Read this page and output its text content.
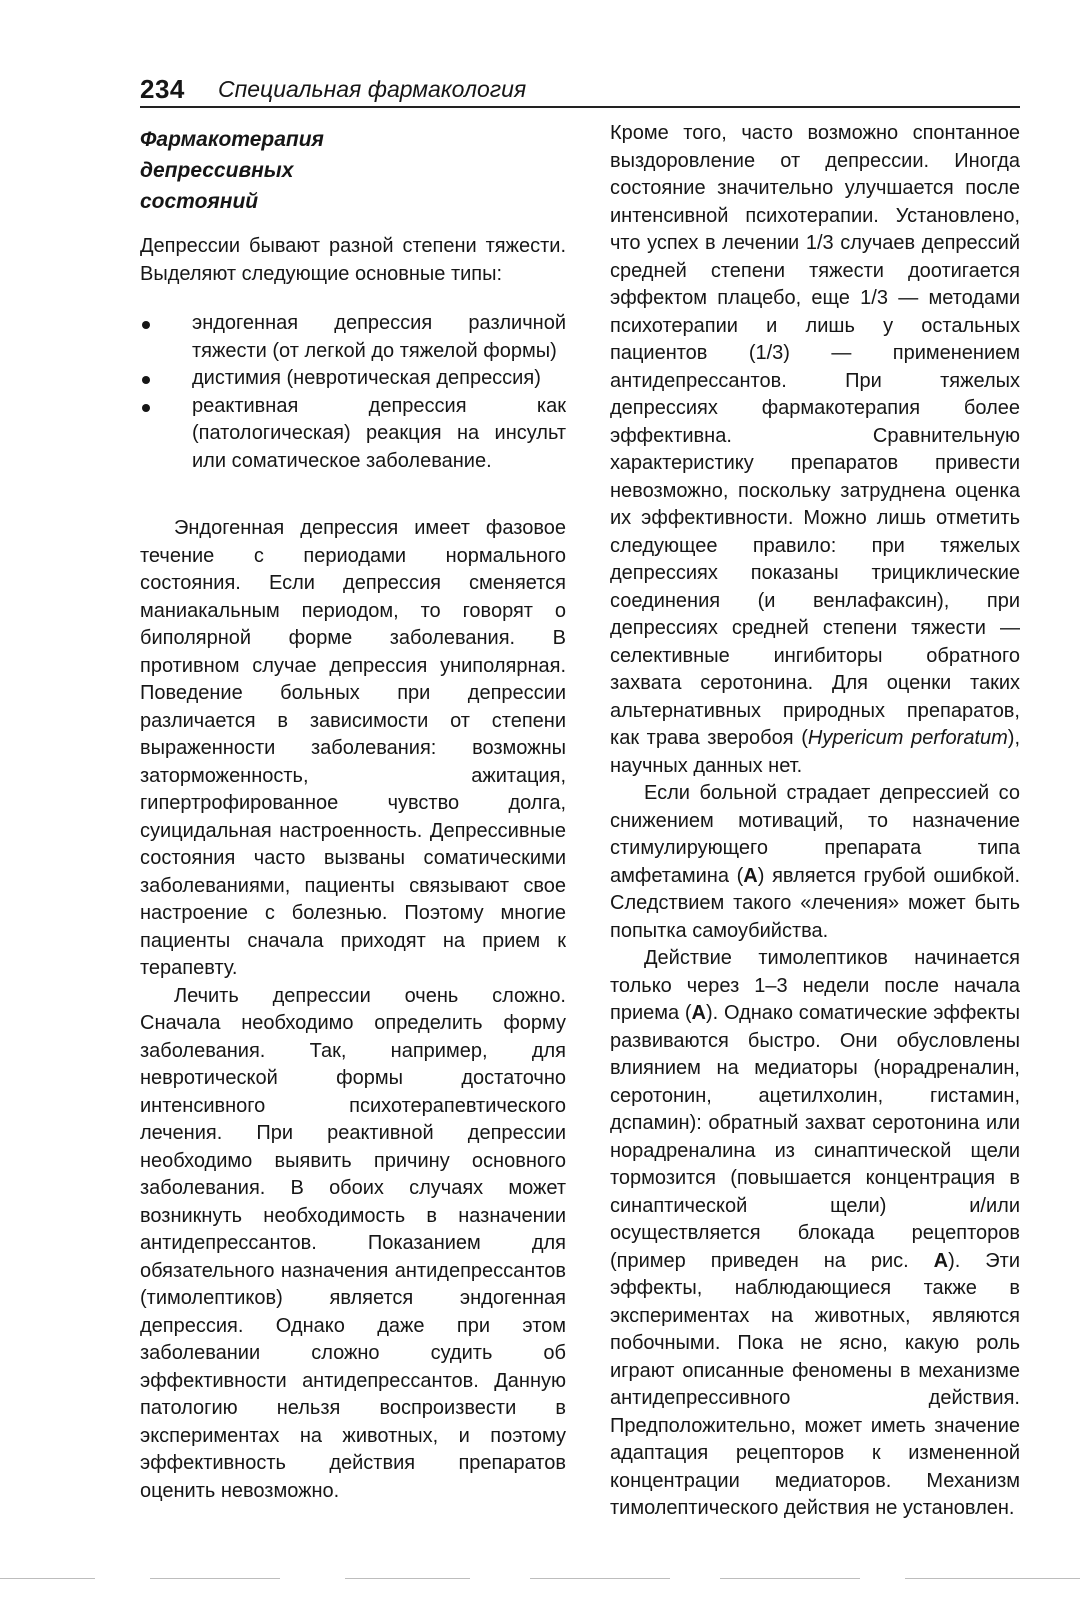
234 Специальная фармакология
Фармакотерапия
депрессивных
состояний

Депрессии бывают разной степени тяжести. Выделяют следующие основные типы:

эндогенная депрессия различной тяжести (от легкой до тяжелой формы)
дистимия (невротическая депрессия)
реактивная депрессия как (патологическая) реакция на инсульт или соматическое заболевание.

Эндогенная депрессия имеет фазовое течение с периодами нормального состояния. Если депрессия сменяется маниакальным периодом, то говорят о биполярной форме заболевания. В противном случае депрессия униполярная. Поведение больных при депрессии различается в зависимости от степени выраженности заболевания: возможны заторможенность, ажитация, гипертрофированное чувство долга, суицидальная настроенность. Депрессивные состояния часто вызваны соматическими заболеваниями, пациенты связывают свое настроение с болезнью. Поэтому многие пациенты сначала приходят на прием к терапевту.

Лечить депрессии очень сложно. Сначала необходимо определить форму заболевания. Так, например, для невротической формы достаточно интенсивного психотерапевтического лечения. При реактивной депрессии необходимо выявить причину основного заболевания. В обоих случаях может возникнуть необходимость в назначении антидепрессантов. Показанием для обязательного назначения антидепрессантов (тимолептиков) является эндогенная депрессия. Однако даже при этом заболевании сложно судить об эффективности антидепрессантов. Данную патологию нельзя воспроизвести в экспериментах на животных, и поэтому эффективность действия препаратов оценить невозможно.

Кроме того, часто возможно спонтанное выздоровление от депрессии. Иногда состояние значительно улучшается после интенсивной психотерапии. Установлено, что успех в лечении 1/3 случаев депрессий средней степени тяжести доотигается эффектом плацебо, еще 1/3 — методами психотерапии и лишь у остальных пациентов (1/3) — применением антидепрессантов. При тяжелых депрессиях фармакотерапия более эффективна. Сравнительную характеристику препаратов привести невозможно, поскольку затруднена оценка их эффективности. Можно лишь отметить следующее правило: при тяжелых депрессиях показаны трициклические соединения (и венлафаксин), при депрессиях средней степени тяжести — селективные ингибиторы обратного захвата серотонина. Для оценки таких альтернативных природных препаратов, как трава зверобоя (Hypericum perforatum), научных данных нет.

Если больной страдает депрессией со снижением мотиваций, то назначение стимулирующего препарата типа амфетамина (А) является грубой ошибкой. Следствием такого «лечения» может быть попытка самоубийства.

Действие тимолептиков начинается только через 1–3 недели после начала приема (А). Однако соматические эффекты развиваются быстро. Они обусловлены влиянием на медиаторы (норадреналин, серотонин, ацетилхолин, гистамин, дспамин): обратный захват серотонина или норадреналина из синаптической щели тормозится (повышается концентрация в синаптической щели) и/или осуществляется блокада рецепторов (пример приведен на рис. А). Эти эффекты, наблюдающиеся также в экспериментах на животных, являются побочными. Пока не ясно, какую роль играют описанные феномены в механизме антидепрессивного действия. Предположительно, может иметь значение адаптация рецепторов к измененной концентрации медиаторов. Механизм тимолептического действия не установлен.
